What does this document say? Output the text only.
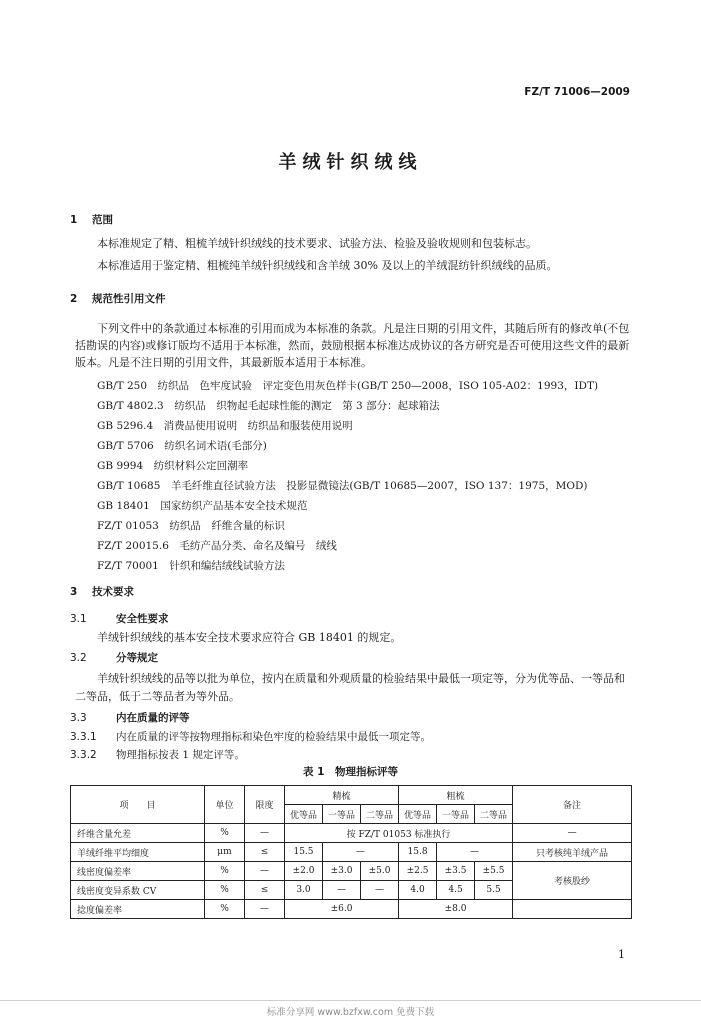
FZ/T 71006—2009
羊绒针织绒线
1 范围
本标准规定了精、粗梳羊绒针织绒线的技术要求、试验方法、检验及验收规则和包装标志。
本标准适用于鉴定精、粗梳纯羊绒针织绒线和含羊绒 30% 及以上的羊绒混纺针织绒线的品质。
2 规范性引用文件
下列文件中的条款通过本标准的引用而成为本标准的条款。凡是注日期的引用文件，其随后所有的修改单(不包括勘误的内容)或修订版均不适用于本标准，然而，鼓励根据本标准达成协议的各方研究是否可使用这些文件的最新版本。凡是不注日期的引用文件，其最新版本适用于本标准。
GB/T 250　纺织品　色牢度试验　评定变色用灰色样卡(GB/T 250—2008，ISO 105-A02：1993，IDT)
GB/T 4802.3　纺织品　织物起毛起球性能的测定　第 3 部分：起球箱法
GB 5296.4　消费品使用说明　纺织品和服装使用说明
GB/T 5706　纺织名词术语(毛部分)
GB 9994　纺织材料公定回潮率
GB/T 10685　羊毛纤维直径试验方法　投影显微镜法(GB/T 10685—2007，ISO 137：1975，MOD)
GB 18401　国家纺织产品基本安全技术规范
FZ/T 01053　纺织品　纤维含量的标识
FZ/T 20015.6　毛纺产品分类、命名及编号　绒线
FZ/T 70001　针织和编结绒线试验方法
3 技术要求
3.1	安全性要求
羊绒针织绒线的基本安全技术要求应符合 GB 18401 的规定。
3.2	分等规定
羊绒针织绒线的品等以批为单位，按内在质量和外观质量的检验结果中最低一项定等，分为优等品、一等品和二等品，低于二等品者为等外品。
3.3	内在质量的评等
3.3.1 内在质量的评等按物理指标和染色牢度的检验结果中最低一项定等。
3.3.2 物理指标按表 1 规定评等。
表 1　物理指标评等
项　　目	单位	限度	精梳			粗梳			备注
			优等品	一等品	二等品	优等品	一等品	二等品	
纤维含量允差	%	—	按 FZ/T 01053 标准执行						—
羊绒纤维平均细度	μm	≤	15.5	—		15.8	—		只考核纯羊绒产品
线密度偏差率	%	—	±2.0	±3.0	±5.0	±2.5	±3.5	±5.5	考核股纱
线密度变异系数 CV	%	≤	3.0	—	—	4.0	4.5	5.5	
捻度偏差率	%	—	±6.0			±8.0			
1
标准分享网 www.bzfxw.com 免费下载
